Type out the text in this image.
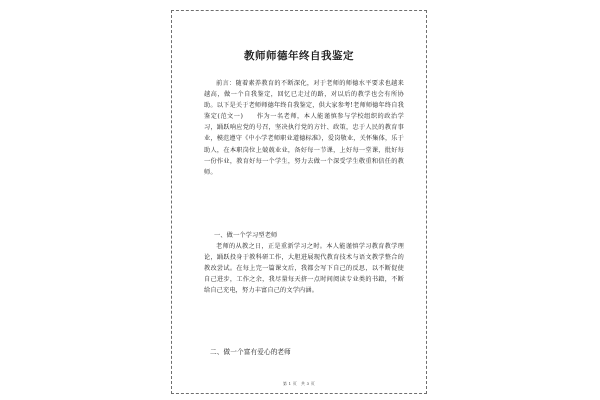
教师师德年终自我鉴定
前言：随着素养教育的不断深化，对于老师的师德水平要求也越来越高，做一个自我鉴定，回忆已走过的路，对以后的教学也会有所协助。以下是关于老师师德年终自我鉴定，供大家参考!老师师德年终自我鉴定(范文一)　　作为一名老师，本人能谨慎参与学校组织的政治学习，踊跃响应党的号召，坚决执行党的方针、政策，忠于人民的教育事业，模范遵守《中小学老师职业道德标准》，爱岗敬业，关怀集体，乐于助人，在本职岗位上兢兢业业，备好每一节课，上好每一堂课，批好每一份作业，教育好每一个学生，努力去做一个深受学生敬重和信任的教师。
一、做一个学习型老师
老师的从教之日，正是重新学习之时。本人能谨慎学习教育教学理论，踊跃投身于教科研工作，大胆进展现代教育技术与语文教学整合的教改尝试。在每上完一篇课文后，我都会写下自己的反思，以不断促使自己进步，工作之余，我尽量每天挤一点时间阅读专业类的书籍，不断给自己充电，努力丰富自己的文学内涵。
二、做一个富有爱心的老师
第 1 页　共 3 页
